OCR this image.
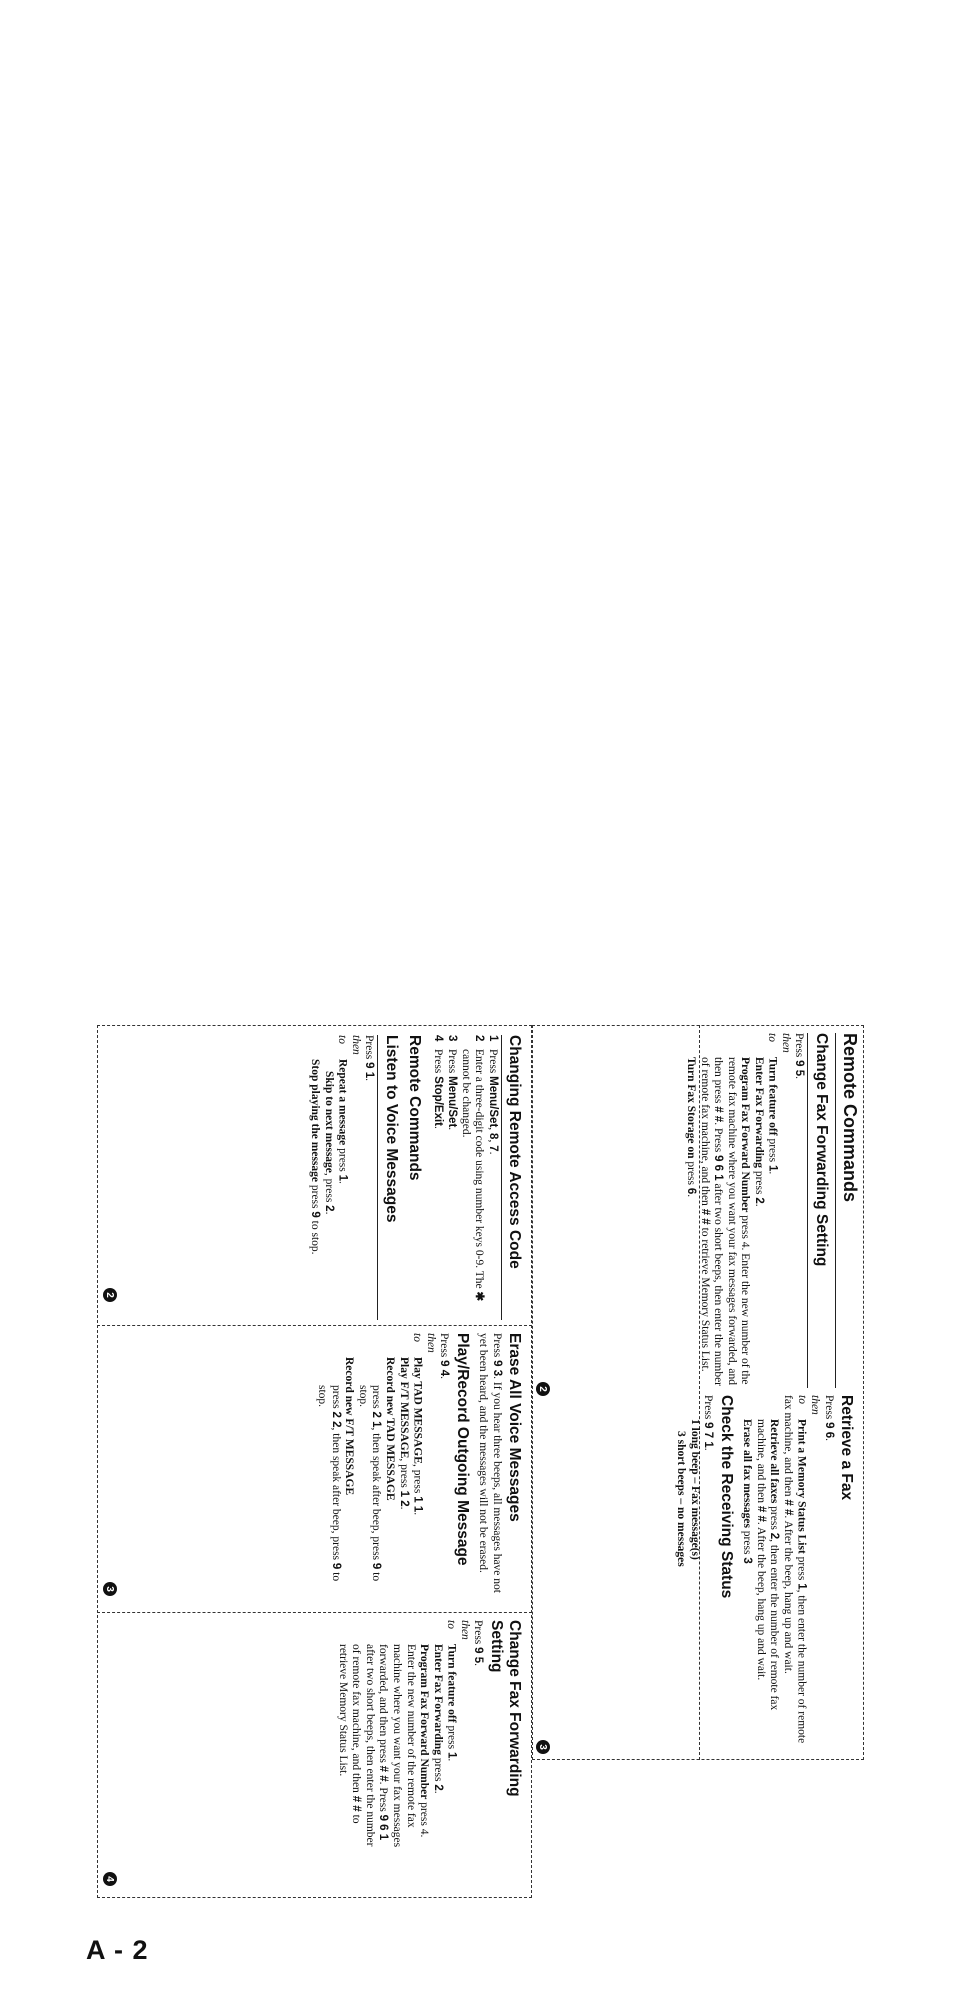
Remote Commands
Change Fax Forwarding Setting

Press 9 5.

then toTurn feature off press 1.

Enter Fax Forwarding press 2.

Program Fax Forward Number press 4. Enter the new number of the remote fax machine where you want your fax messages forwarded, and then press # #. Press 9 6 1 after two short beeps, then enter the number of remote fax machine, and then # # to retrieve Memory Status List.

Turn Fax Storage on press 6.

2
Retrieve a Fax

Press 9 6.

then toPrint a Memory Status List press 1, then enter the number of remote fax machine, and then # #. After the beep, hang up and wait.

Retrieve all faxes press 2, then enter the number of remote fax machine, and then # #. After the beep, hang up and wait.

Erase all fax messages press 3

Check the Receiving Status

Press 9 7 1.

1 long beep – Fax message(s)

3 short beeps – no messages

3
Changing Remote Access Code
1
Press Menu/Set, 8, 7.
2
Enter a three-digit code using number keys 0-9. The ✱ cannot be changed.
3
Press Menu/Set.
4
Press Stop/Exit.
Remote Commands
Listen to Voice Messages

Press 9 1.

then toRepeat a message press 1.

Skip to next message, press 2.

Stop playing the message press 9 to stop.

2
Erase All Voice Messages

Press 9 3. If you hear three beeps, all messages have not yet been heard, and the messages will not be erased.

Play/Record Outgoing Message

Press 9 4.

then toPlay TAD MESSAGE, press 1 1.

Play F/T MESSAGE, press 1 2.

Record new TAD MESSAGE

press 2 1, then speak after beep, press 9 to stop.

Record new F/T MESSAGE

press 2 2, then speak after beep, press 9 to stop.

3
Change Fax Forwarding Setting

Press 9 5.

then toTurn feature off press 1.

Enter Fax Forwarding press 2.

Program Fax Forward Number press 4. Enter the new number of the remote fax machine where you want your fax messages forwarded, and then press # #. Press 9 6 1 after two short beeps, then enter the number of remote fax machine, and then # # to retrieve Memory Status List.

4
A - 2
